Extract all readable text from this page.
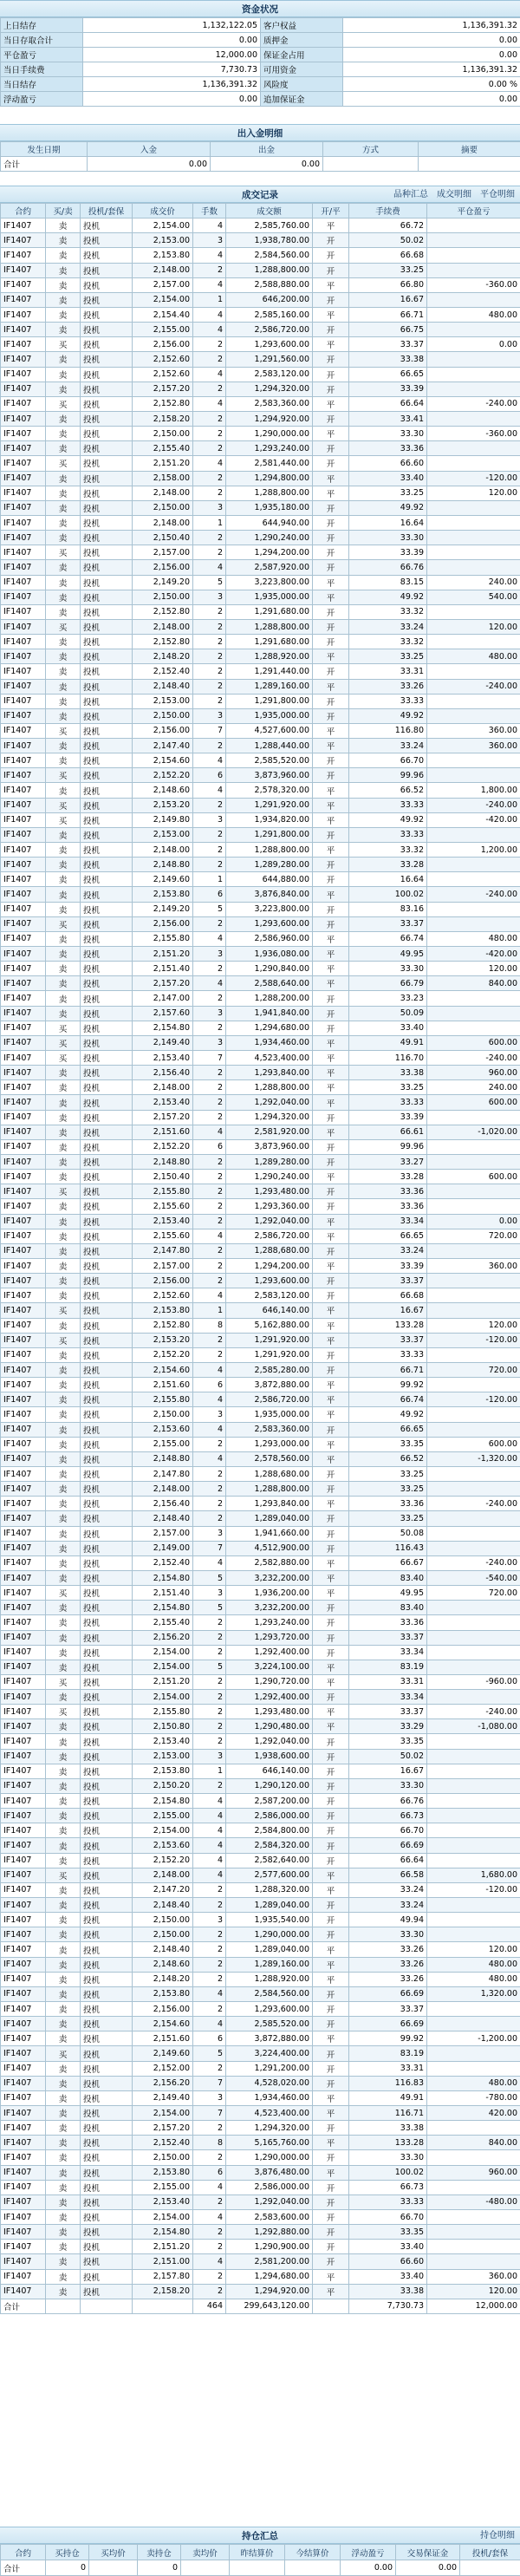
资金状况
上日结存	1,132,122.05	客户权益	1,136,391.32
当日存取合计	0.00	质押金	0.00
平仓盈亏	12,000.00	保证金占用	0.00
当日手续费	7,730.73	可用资金	1,136,391.32
当日结存	1,136,391.32	风险度	0.00 %
浮动盈亏	0.00	追加保证金	0.00
出入金明细
发生日期	入金	出金	方式	摘要
合计	0.00	0.00		
成交记录	品种汇总 成交明细 平仓明细
合约	买/卖	投机/套保	成交价	手数	成交额	开/平	手续费	平仓盈亏
IF1407	卖	投机	2,154.00	4	2,585,760.00	平	66.72	
IF1407	卖	投机	2,153.00	3	1,938,780.00	开	50.02	
IF1407	卖	投机	2,153.80	4	2,584,560.00	开	66.68	
IF1407	卖	投机	2,148.00	2	1,288,800.00	开	33.25	
IF1407	卖	投机	2,157.00	4	2,588,880.00	平	66.80	-360.00
IF1407	卖	投机	2,154.00	1	646,200.00	开	16.67	
IF1407	卖	投机	2,154.40	4	2,585,160.00	平	66.71	480.00
IF1407	卖	投机	2,155.00	4	2,586,720.00	开	66.75	
IF1407	买	投机	2,156.00	2	1,293,600.00	平	33.37	0.00
IF1407	卖	投机	2,152.60	2	1,291,560.00	开	33.38	
IF1407	卖	投机	2,152.60	4	2,583,120.00	开	66.65	
IF1407	卖	投机	2,157.20	2	1,294,320.00	开	33.39	
IF1407	买	投机	2,152.80	4	2,583,360.00	平	66.64	-240.00
IF1407	卖	投机	2,158.20	2	1,294,920.00	开	33.41	
IF1407	卖	投机	2,150.00	2	1,290,000.00	平	33.30	-360.00
IF1407	卖	投机	2,155.40	2	1,293,240.00	开	33.36	
IF1407	买	投机	2,151.20	4	2,581,440.00	开	66.60	
IF1407	卖	投机	2,158.00	2	1,294,800.00	平	33.40	-120.00
IF1407	卖	投机	2,148.00	2	1,288,800.00	平	33.25	120.00
IF1407	卖	投机	2,150.00	3	1,935,180.00	开	49.92	
IF1407	卖	投机	2,148.00	1	644,940.00	开	16.64	
IF1407	卖	投机	2,150.40	2	1,290,240.00	开	33.30	
IF1407	买	投机	2,157.00	2	1,294,200.00	开	33.39	
IF1407	卖	投机	2,156.00	4	2,587,920.00	开	66.76	
IF1407	卖	投机	2,149.20	5	3,223,800.00	平	83.15	240.00
IF1407	卖	投机	2,150.00	3	1,935,000.00	平	49.92	540.00
IF1407	卖	投机	2,152.80	2	1,291,680.00	开	33.32	
IF1407	买	投机	2,148.00	2	1,288,800.00	开	33.24	120.00
IF1407	卖	投机	2,152.80	2	1,291,680.00	开	33.32	
IF1407	卖	投机	2,148.20	2	1,288,920.00	平	33.25	480.00
IF1407	卖	投机	2,152.40	2	1,291,440.00	开	33.31	
IF1407	卖	投机	2,148.40	2	1,289,160.00	平	33.26	-240.00
IF1407	卖	投机	2,153.00	2	1,291,800.00	开	33.33	
IF1407	卖	投机	2,150.00	3	1,935,000.00	开	49.92	
IF1407	买	投机	2,156.00	7	4,527,600.00	平	116.80	360.00
IF1407	卖	投机	2,147.40	2	1,288,440.00	平	33.24	360.00
IF1407	卖	投机	2,154.60	4	2,585,520.00	开	66.70	
IF1407	买	投机	2,152.20	6	3,873,960.00	开	99.96	
IF1407	卖	投机	2,148.60	4	2,578,320.00	平	66.52	1,800.00
IF1407	买	投机	2,153.20	2	1,291,920.00	平	33.33	-240.00
IF1407	买	投机	2,149.80	3	1,934,820.00	平	49.92	-420.00
IF1407	卖	投机	2,153.00	2	1,291,800.00	开	33.33	
IF1407	卖	投机	2,148.00	2	1,288,800.00	平	33.32	1,200.00
IF1407	卖	投机	2,148.80	2	1,289,280.00	开	33.28	
IF1407	卖	投机	2,149.60	1	644,880.00	开	16.64	
IF1407	卖	投机	2,153.80	6	3,876,840.00	平	100.02	-240.00
IF1407	卖	投机	2,149.20	5	3,223,800.00	开	83.16	
IF1407	买	投机	2,156.00	2	1,293,600.00	开	33.37	
IF1407	卖	投机	2,155.80	4	2,586,960.00	平	66.74	480.00
IF1407	卖	投机	2,151.20	3	1,936,080.00	平	49.95	-420.00
IF1407	卖	投机	2,151.40	2	1,290,840.00	平	33.30	120.00
IF1407	卖	投机	2,157.20	4	2,588,640.00	平	66.79	840.00
IF1407	卖	投机	2,147.00	2	1,288,200.00	开	33.23	
IF1407	卖	投机	2,157.60	3	1,941,840.00	开	50.09	
IF1407	买	投机	2,154.80	2	1,294,680.00	开	33.40	
IF1407	买	投机	2,149.40	3	1,934,460.00	平	49.91	600.00
IF1407	买	投机	2,153.40	7	4,523,400.00	平	116.70	-240.00
IF1407	卖	投机	2,156.40	2	1,293,840.00	平	33.38	960.00
IF1407	卖	投机	2,148.00	2	1,288,800.00	平	33.25	240.00
IF1407	卖	投机	2,153.40	2	1,292,040.00	平	33.33	600.00
IF1407	卖	投机	2,157.20	2	1,294,320.00	开	33.39	
IF1407	卖	投机	2,151.60	4	2,581,920.00	平	66.61	-1,020.00
IF1407	卖	投机	2,152.20	6	3,873,960.00	开	99.96	
IF1407	卖	投机	2,148.80	2	1,289,280.00	开	33.27	
IF1407	卖	投机	2,150.40	2	1,290,240.00	平	33.28	600.00
IF1407	买	投机	2,155.80	2	1,293,480.00	开	33.36	
IF1407	卖	投机	2,155.60	2	1,293,360.00	开	33.36	
IF1407	卖	投机	2,153.40	2	1,292,040.00	平	33.34	0.00
IF1407	卖	投机	2,155.60	4	2,586,720.00	平	66.65	720.00
IF1407	卖	投机	2,147.80	2	1,288,680.00	开	33.24	
IF1407	卖	投机	2,157.00	2	1,294,200.00	平	33.39	360.00
IF1407	卖	投机	2,156.00	2	1,293,600.00	开	33.37	
IF1407	卖	投机	2,152.60	4	2,583,120.00	开	66.68	
IF1407	买	投机	2,153.80	1	646,140.00	平	16.67	
IF1407	卖	投机	2,152.80	8	5,162,880.00	平	133.28	120.00
IF1407	买	投机	2,153.20	2	1,291,920.00	平	33.37	-120.00
IF1407	卖	投机	2,152.20	2	1,291,920.00	开	33.33	
IF1407	卖	投机	2,154.60	4	2,585,280.00	开	66.71	720.00
IF1407	卖	投机	2,151.60	6	3,872,880.00	平	99.92	
IF1407	卖	投机	2,155.80	4	2,586,720.00	平	66.74	-120.00
IF1407	卖	投机	2,150.00	3	1,935,000.00	平	49.92	
IF1407	卖	投机	2,153.60	4	2,583,360.00	开	66.65	
IF1407	卖	投机	2,155.00	2	1,293,000.00	平	33.35	600.00
IF1407	卖	投机	2,148.80	4	2,578,560.00	平	66.52	-1,320.00
IF1407	卖	投机	2,147.80	2	1,288,680.00	开	33.25	
IF1407	卖	投机	2,148.00	2	1,288,800.00	开	33.25	
IF1407	卖	投机	2,156.40	2	1,293,840.00	平	33.36	-240.00
IF1407	卖	投机	2,148.40	2	1,289,040.00	开	33.25	
IF1407	卖	投机	2,157.00	3	1,941,660.00	开	50.08	
IF1407	卖	投机	2,149.00	7	4,512,900.00	开	116.43	
IF1407	卖	投机	2,152.40	4	2,582,880.00	平	66.67	-240.00
IF1407	卖	投机	2,154.80	5	3,232,200.00	平	83.40	-540.00
IF1407	买	投机	2,151.40	3	1,936,200.00	平	49.95	720.00
IF1407	卖	投机	2,154.80	5	3,232,200.00	开	83.40	
IF1407	卖	投机	2,155.40	2	1,293,240.00	开	33.36	
IF1407	卖	投机	2,156.20	2	1,293,720.00	开	33.37	
IF1407	卖	投机	2,154.00	2	1,292,400.00	开	33.34	
IF1407	卖	投机	2,154.00	5	3,224,100.00	平	83.19	
IF1407	买	投机	2,151.20	2	1,290,720.00	平	33.31	-960.00
IF1407	卖	投机	2,154.00	2	1,292,400.00	开	33.34	
IF1407	买	投机	2,155.80	2	1,293,480.00	平	33.37	-240.00
IF1407	卖	投机	2,150.80	2	1,290,480.00	平	33.29	-1,080.00
IF1407	卖	投机	2,153.40	2	1,292,040.00	开	33.35	
IF1407	卖	投机	2,153.00	3	1,938,600.00	开	50.02	
IF1407	卖	投机	2,153.80	1	646,140.00	开	16.67	
IF1407	卖	投机	2,150.20	2	1,290,120.00	开	33.30	
IF1407	卖	投机	2,154.80	4	2,587,200.00	开	66.76	
IF1407	卖	投机	2,155.00	4	2,586,000.00	开	66.73	
IF1407	卖	投机	2,154.00	4	2,584,800.00	开	66.70	
IF1407	卖	投机	2,153.60	4	2,584,320.00	开	66.69	
IF1407	卖	投机	2,152.20	4	2,582,640.00	开	66.64	
IF1407	买	投机	2,148.00	4	2,577,600.00	平	66.58	1,680.00
IF1407	卖	投机	2,147.20	2	1,288,320.00	平	33.24	-120.00
IF1407	卖	投机	2,148.40	2	1,289,040.00	开	33.24	
IF1407	卖	投机	2,150.00	3	1,935,540.00	开	49.94	
IF1407	卖	投机	2,150.00	2	1,290,000.00	开	33.30	
IF1407	卖	投机	2,148.40	2	1,289,040.00	平	33.26	120.00
IF1407	卖	投机	2,148.60	2	1,289,160.00	平	33.26	480.00
IF1407	卖	投机	2,148.20	2	1,288,920.00	平	33.26	480.00
IF1407	卖	投机	2,153.80	4	2,584,560.00	开	66.69	1,320.00
IF1407	卖	投机	2,156.00	2	1,293,600.00	开	33.37	
IF1407	卖	投机	2,154.60	4	2,585,520.00	开	66.69	
IF1407	卖	投机	2,151.60	6	3,872,880.00	平	99.92	-1,200.00
IF1407	买	投机	2,149.60	5	3,224,400.00	开	83.19	
IF1407	卖	投机	2,152.00	2	1,291,200.00	开	33.31	
IF1407	卖	投机	2,156.20	7	4,528,020.00	开	116.83	480.00
IF1407	卖	投机	2,149.40	3	1,934,460.00	平	49.91	-780.00
IF1407	卖	投机	2,154.00	7	4,523,400.00	平	116.71	420.00
IF1407	卖	投机	2,157.20	2	1,294,320.00	开	33.38	
IF1407	卖	投机	2,152.40	8	5,165,760.00	平	133.28	840.00
IF1407	卖	投机	2,150.00	2	1,290,000.00	开	33.30	
IF1407	卖	投机	2,153.80	6	3,876,480.00	平	100.02	960.00
IF1407	卖	投机	2,155.00	4	2,586,000.00	开	66.73	
IF1407	卖	投机	2,153.40	2	1,292,040.00	开	33.33	-480.00
IF1407	卖	投机	2,154.00	4	2,583,600.00	开	66.70	
IF1407	卖	投机	2,154.80	2	1,292,880.00	开	33.35	
IF1407	卖	投机	2,151.20	2	1,290,900.00	开	33.40	
IF1407	卖	投机	2,151.00	4	2,581,200.00	开	66.60	
IF1407	卖	投机	2,157.80	2	1,294,680.00	平	33.40	360.00
IF1407	卖	投机	2,158.20	2	1,294,920.00	平	33.38	120.00
合计				464	299,643,120.00		7,730.73	12,000.00
持仓汇总	持仓明细
合约	买持仓	买均价	卖持仓	卖均价	昨结算价	今结算价	浮动盈亏	交易保证金	投机/套保
合计	0		0				0.00	0.00	
